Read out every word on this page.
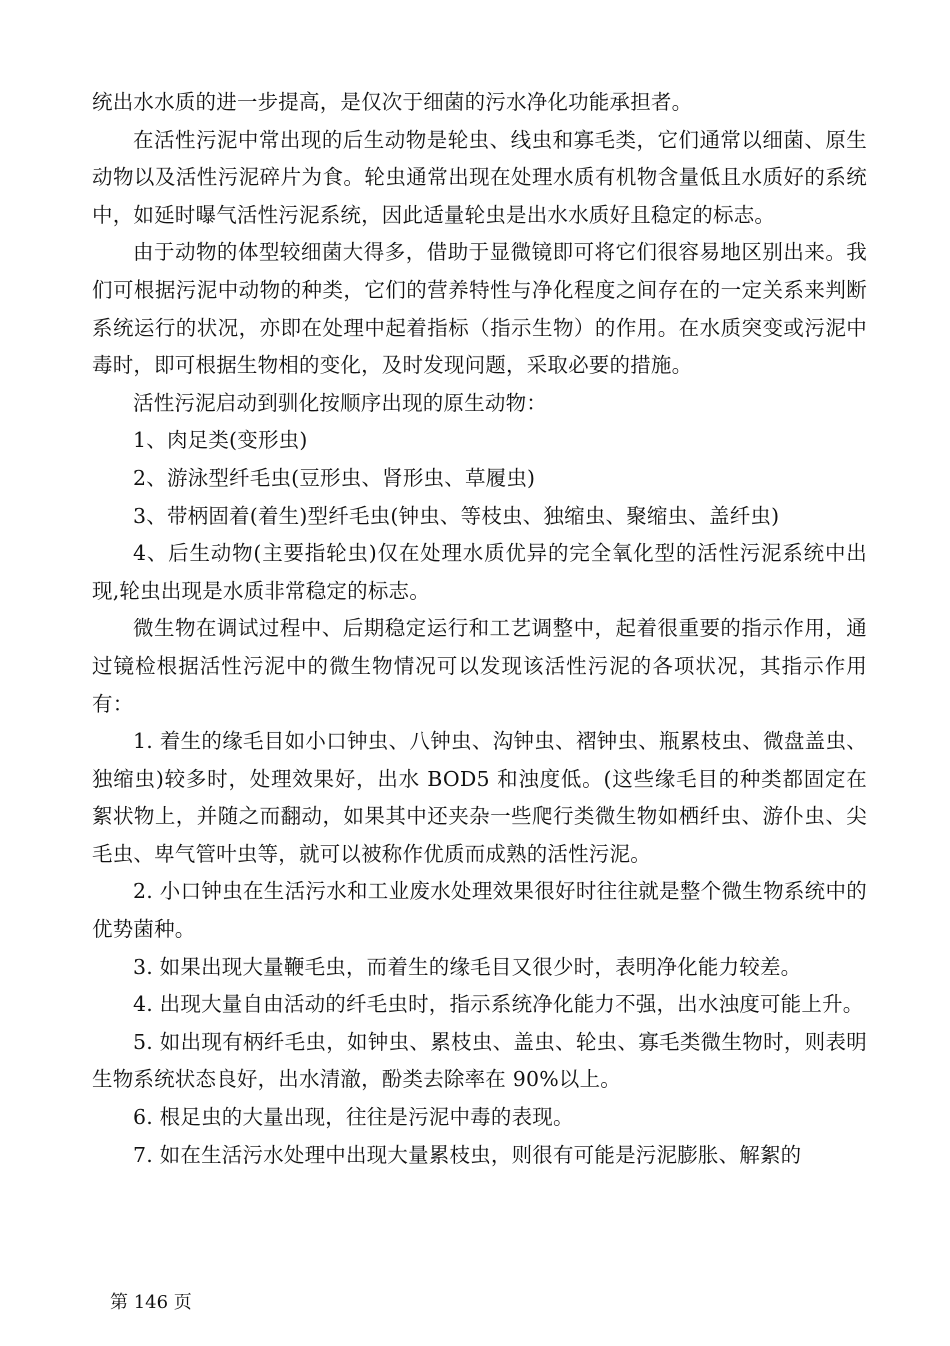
统出水水质的进一步提高，是仅次于细菌的污水净化功能承担者。

在活性污泥中常出现的后生动物是轮虫、线虫和寡毛类，它们通常以细菌、原生动物以及活性污泥碎片为食。轮虫通常出现在处理水质有机物含量低且水质好的系统中，如延时曝气活性污泥系统，因此适量轮虫是出水水质好且稳定的标志。

由于动物的体型较细菌大得多，借助于显微镜即可将它们很容易地区别出来。我们可根据污泥中动物的种类，它们的营养特性与净化程度之间存在的一定关系来判断系统运行的状况，亦即在处理中起着指标（指示生物）的作用。在水质突变或污泥中毒时，即可根据生物相的变化，及时发现问题，采取必要的措施。

活性污泥启动到驯化按顺序出现的原生动物：

1、肉足类(变形虫)

2、游泳型纤毛虫(豆形虫、肾形虫、草履虫)

3、带柄固着(着生)型纤毛虫(钟虫、等枝虫、独缩虫、聚缩虫、盖纤虫)

4、后生动物(主要指轮虫)仅在处理水质优异的完全氧化型的活性污泥系统中出现,轮虫出现是水质非常稳定的标志。

微生物在调试过程中、后期稳定运行和工艺调整中，起着很重要的指示作用，通过镜检根据活性污泥中的微生物情况可以发现该活性污泥的各项状况，其指示作用有：

1. 着生的缘毛目如小口钟虫、八钟虫、沟钟虫、褶钟虫、瓶累枝虫、微盘盖虫、独缩虫)较多时，处理效果好，出水 BOD5 和浊度低。(这些缘毛目的种类都固定在絮状物上，并随之而翻动，如果其中还夹杂一些爬行类微生物如栖纤虫、游仆虫、尖毛虫、卑气管叶虫等，就可以被称作优质而成熟的活性污泥。

2. 小口钟虫在生活污水和工业废水处理效果很好时往往就是整个微生物系统中的优势菌种。

3. 如果出现大量鞭毛虫，而着生的缘毛目又很少时，表明净化能力较差。

4. 出现大量自由活动的纤毛虫时，指示系统净化能力不强，出水浊度可能上升。

5. 如出现有柄纤毛虫，如钟虫、累枝虫、盖虫、轮虫、寡毛类微生物时，则表明生物系统状态良好，出水清澈，酚类去除率在 90%以上。

6. 根足虫的大量出现，往往是污泥中毒的表现。

7. 如在生活污水处理中出现大量累枝虫，则很有可能是污泥膨胀、解絮的

第 146 页
